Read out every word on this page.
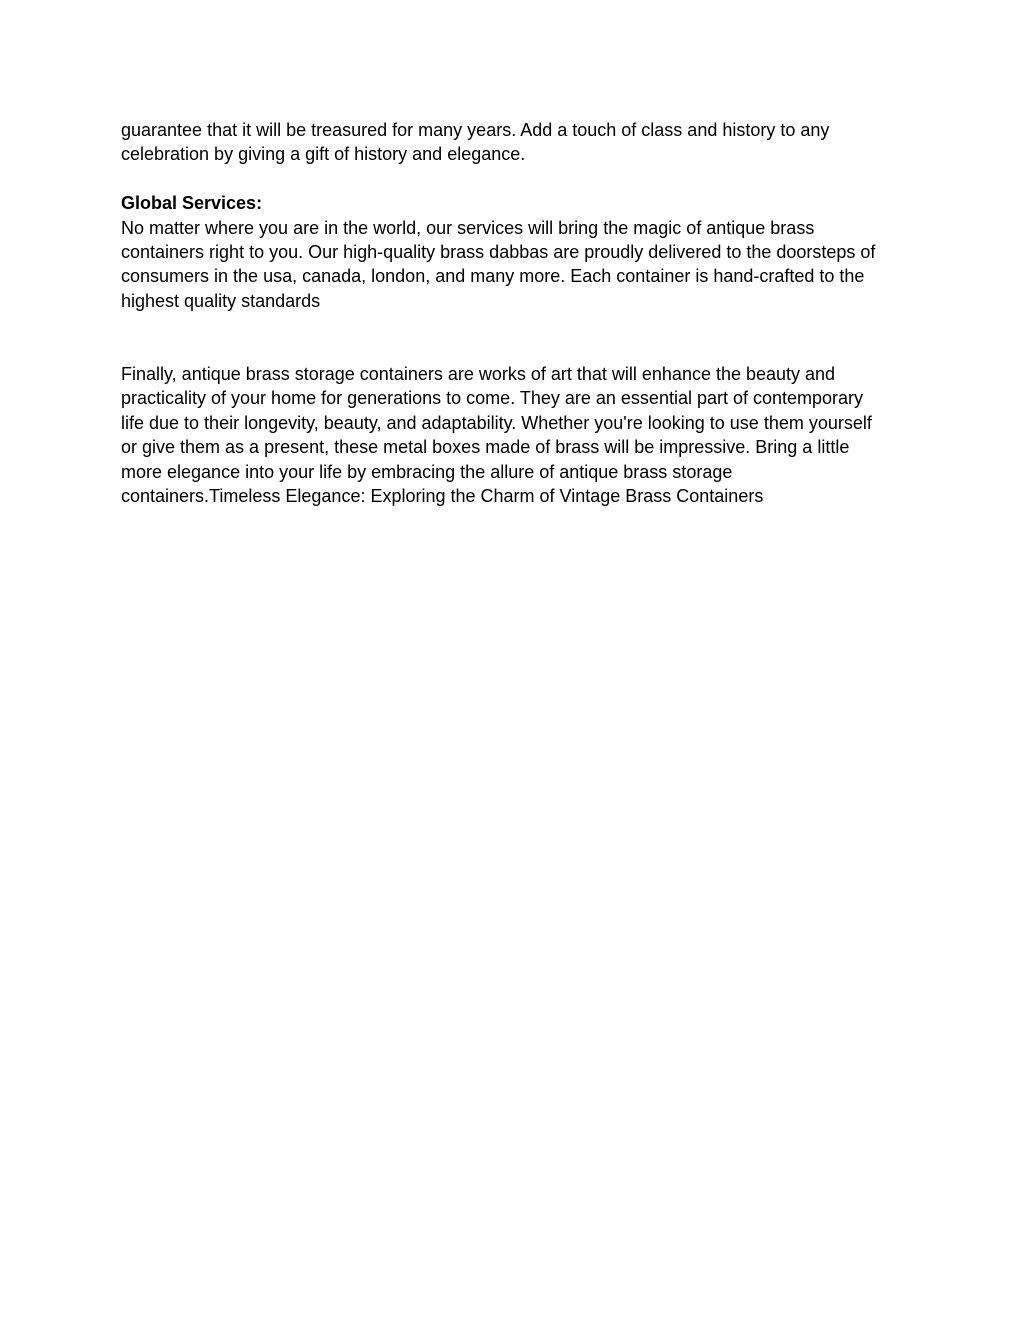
guarantee that it will be treasured for many years. Add a touch of class and history to any
celebration by giving a gift of history and elegance.

Global Services:
No matter where you are in the world, our services will bring the magic of antique brass
containers right to you. Our high-quality brass dabbas are proudly delivered to the doorsteps of
consumers in the usa, canada, london, and many more. Each container is hand-crafted to the
highest quality standards

Finally, antique brass storage containers are works of art that will enhance the beauty and
practicality of your home for generations to come. They are an essential part of contemporary
life due to their longevity, beauty, and adaptability. Whether you're looking to use them yourself
or give them as a present, these metal boxes made of brass will be impressive. Bring a little
more elegance into your life by embracing the allure of antique brass storage
containers.Timeless Elegance: Exploring the Charm of Vintage Brass Containers
